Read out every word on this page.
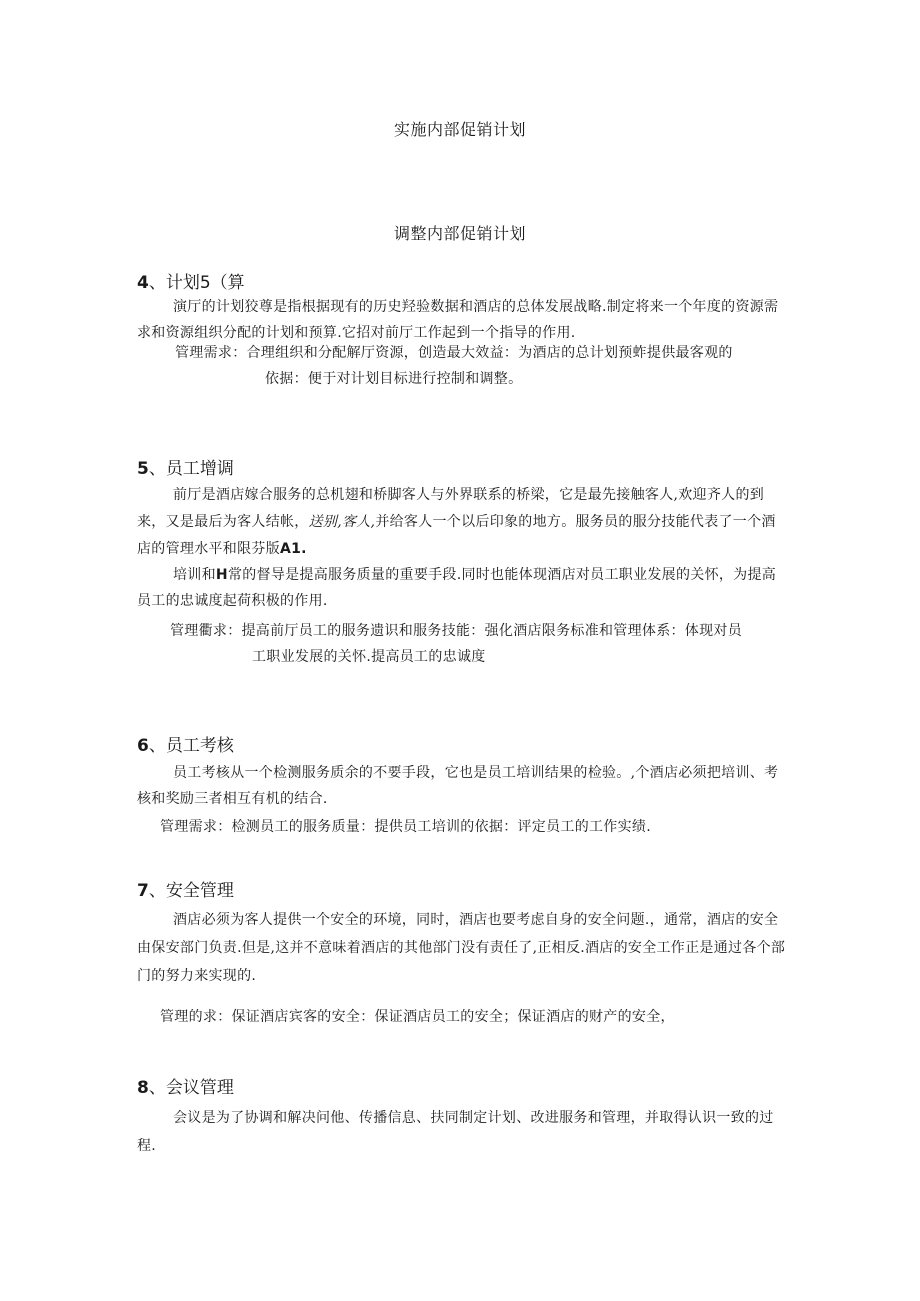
实施内部促销计划
调整内部促销计划
4、计划5（算

演厅的计划狡尊是指根据现有的历史羟验数据和酒店的总体发展战略.制定将来一个年度的资源需求和资源组织分配的计划和预算.它招对前厅工作起到一个指导的作用.

管理需求：合理组织和分配解厅资源，创造最大效益：为酒店的总计划预蚱提供最客观的

依据：便于对计划目标进行控制和调整。

5、员工增调

前厅是酒店嫁合服务的总机翅和桥脚客人与外界联系的桥梁，它是最先接触客人,欢迎齐人的到来，又是最后为客人结帐，送别,客人,并给客人一个以后印象的地方。服务员的服分技能代表了一个酒店的管理水平和限芬版A1.

培训和H常的督导是提高服务质量的重要手段.同时也能体现酒店对员工职业发展的关怀，为提高员工的忠诚度起荷积极的作用.

管理衢求：提高前厅员工的服务遗识和服务技能：强化酒店限务标准和管理体系：体现对员

工职业发展的关怀.提高员工的忠诚度

6、员工考核

员工考核从一个检测服务质余的不要手段，它也是员工培训结果的检验。,个酒店必须把培训、考核和奖励三者相互有机的结合.

管理需求：检测员工的服务质量：提供员工培训的依据：评定员工的工作实绩.

7、安全管理

酒店必须为客人提供一个安全的环境，同时，酒店也要考虑自身的安全问题.，通常，酒店的安全由保安部门负责.但是,这并不意味着酒店的其他部门没有责任了,正相反.酒店的安全工作正是通过各个部门的努力来实现的.

管理的求：保证酒店宾客的安全：保证酒店员工的安全；保证酒店的财产的安全，

8、会议管理

会议是为了协调和解决问他、传播信息、扶同制定计划、改进服务和管理，并取得认识一致的过程.
